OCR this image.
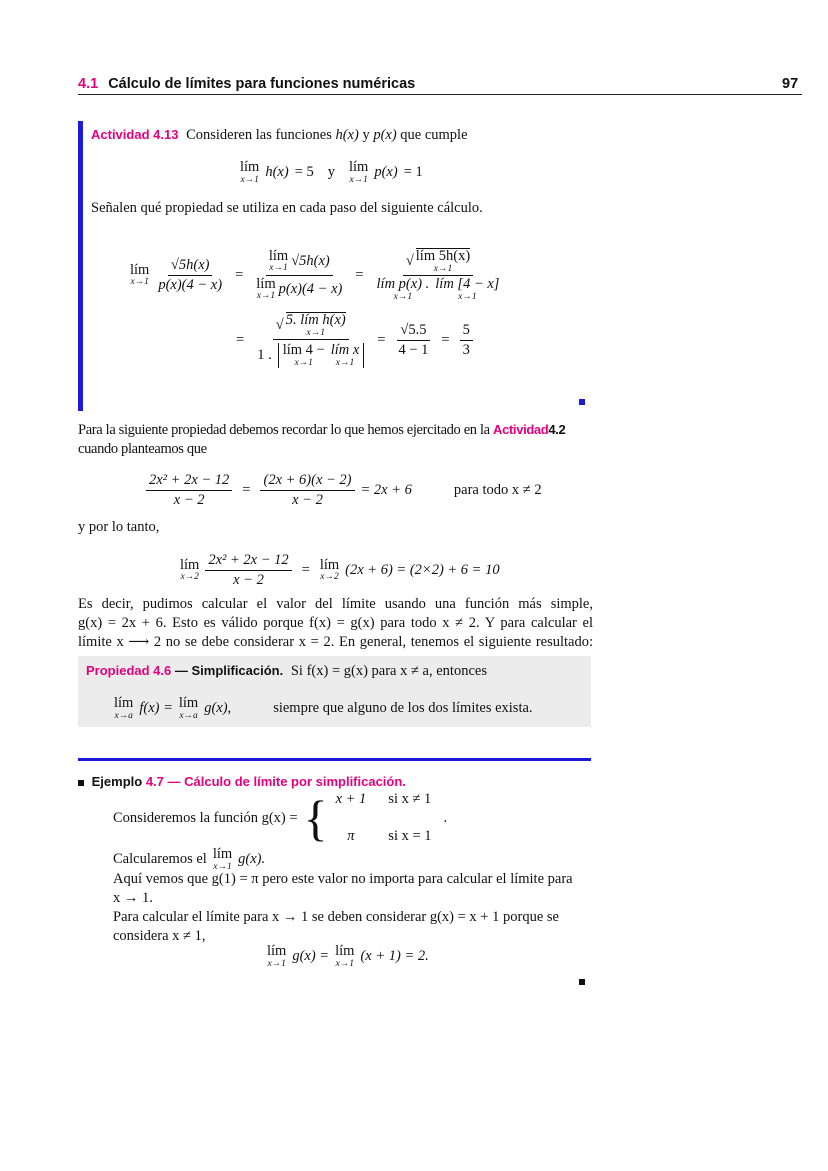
4.1 Cálculo de límites para funciones numéricas	97
Actividad 4.13 Consideren las funciones h(x) y p(x) que cumple
lím
x→1 h(x) = 5 y lím
x→1 p(x) = 1
Señalen qué propiedad se utiliza en cada paso del siguiente cálculo.
lím
$x\to 1 \frac{√5h(x)}{p(x)(4 - x)}$ = lím
x→1 √5h(x)
lím
x→1 p(x)(4 − x) = √ lím 5h(x)
x→1
lím p(x) .
x→1
lím [4 − x]
x→1
= √ 5. lím h(x)
x→1
1 . lím 4 −
x→1
lím x
$x\to 1 = \frac{√5.5}{4 - 1} = \frac{5}{3}$
Para la siguiente propiedad debemos recordar lo que hemos ejercitado en la Actividad4.2
cuando planteamos que
$\frac{\text{2x² + 2x − 12}}{x - 2} = \frac{(2x + 6)(x - 2)}{x - 2} = 2x + 6$	para todo x ≠ 2
y por lo tanto,
lím
$x\to 2 \frac{\text{2x² + 2x − 12}}{x - 2}$ = lím
x→2 (2x + 6) = (2×2) + 6 = 10
Es decir, pudimos calcular el valor del límite usando una función más simple,
g(x) = 2x + 6. Esto es válido porque f(x) = g(x) para todo x ≠ 2. Y para calcular el
límite x ⟶ 2 no se debe considerar x = 2. En general, tenemos el siguiente resultado:
Propiedad 4.6 — Simplificación. Si f(x) = g(x) para x ≠ a, entonces
lím
x→a f(x) = lím
x→a g(x),	siempre que alguno de los dos límites exista.
Ejemplo 4.7 — Cálculo de límite por simplificación.
Consideremos la función g(x) = { x + 1 si x ≠ 1
π	si x = 1
.
Calcularemos el lím
x→1 g(x).
Aquí vemos que g(1) = π pero este valor no importa para calcular el límite para
x → 1.
Para calcular el límite para x → 1 se deben considerar g(x) = x + 1 porque se
considera x ≠ 1,
lím
x→1 g(x) = lím
x→1 (x + 1) = 2.
